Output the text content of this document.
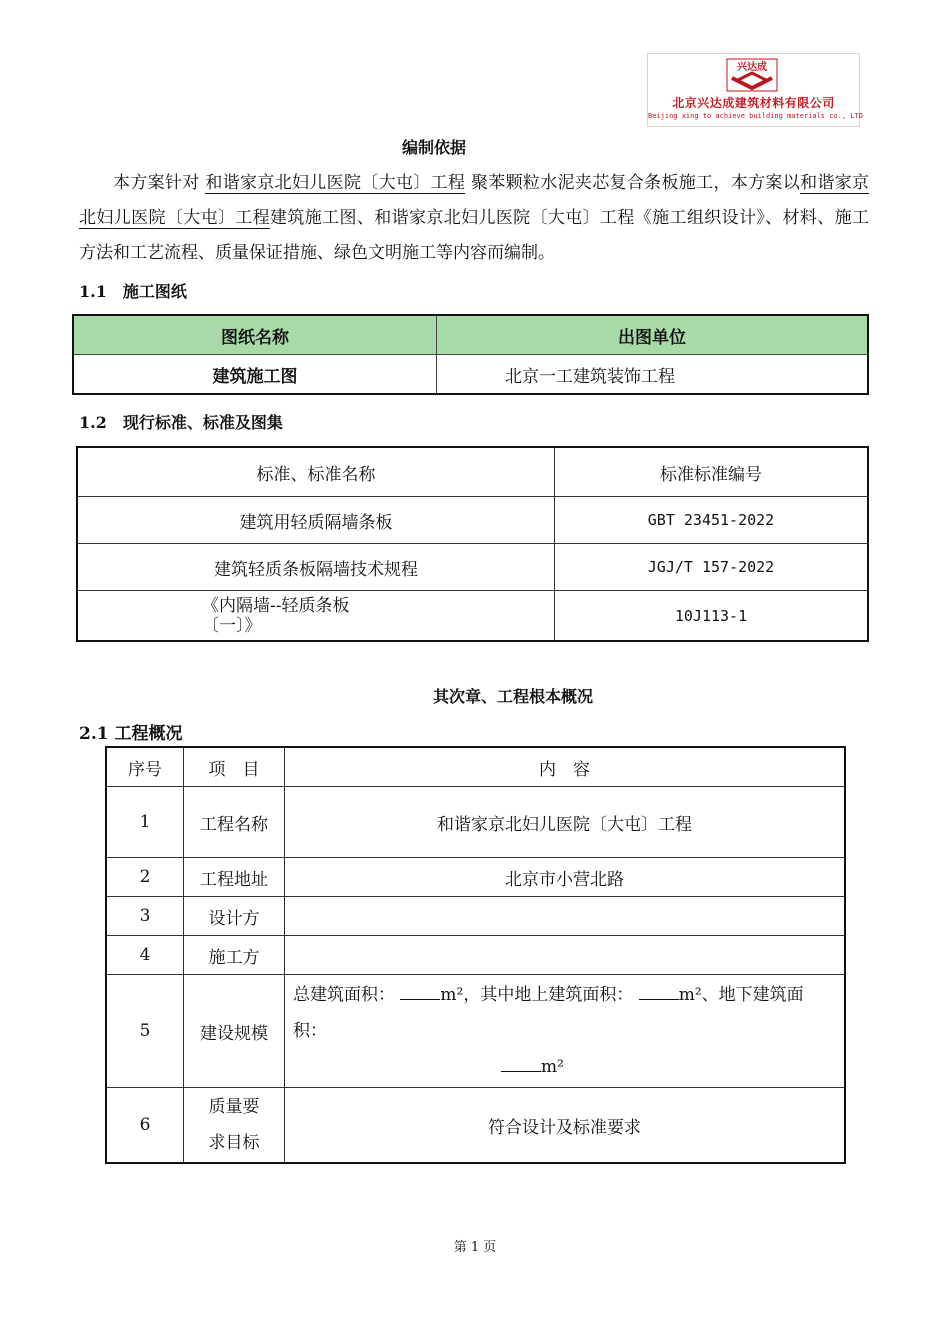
兴达成
北京兴达成建筑材料有限公司
Beijing xing to achieve building materials co., LTD
编制依据
本方案针对 和谐家京北妇儿医院〔大屯〕工程 聚苯颗粒水泥夹芯复合条板施工，本方案以和谐家京北妇儿医院〔大屯〕工程建筑施工图、和谐家京北妇儿医院〔大屯〕工程《施工组织设计》、材料、施工方法和工艺流程、质量保证措施、绿色文明施工等内容而编制。
1.1　施工图纸
图纸名称	出图单位
建筑施工图	北京一工建筑装饰工程
1.2　现行标准、标准及图集
标准、标准名称	标准标准编号
建筑用轻质隔墙条板	GBT 23451-2022
建筑轻质条板隔墙技术规程	JGJ/T 157-2022

《内隔墙--轻质条板〔一〕》	10J113-1
其次章、工程根本概况
2.1 工程概况
序号	项　目	内　容
1	工程名称	和谐家京北妇儿医院〔大屯〕工程
2	工程地址	北京市小营北路
3	设计方	
4	施工方	
5	建设规模	总建筑面积： m²，其中地上建筑面积： m²、地下建筑面积：
m²

6	质量要求目标	符合设计及标准要求
第 1 页
